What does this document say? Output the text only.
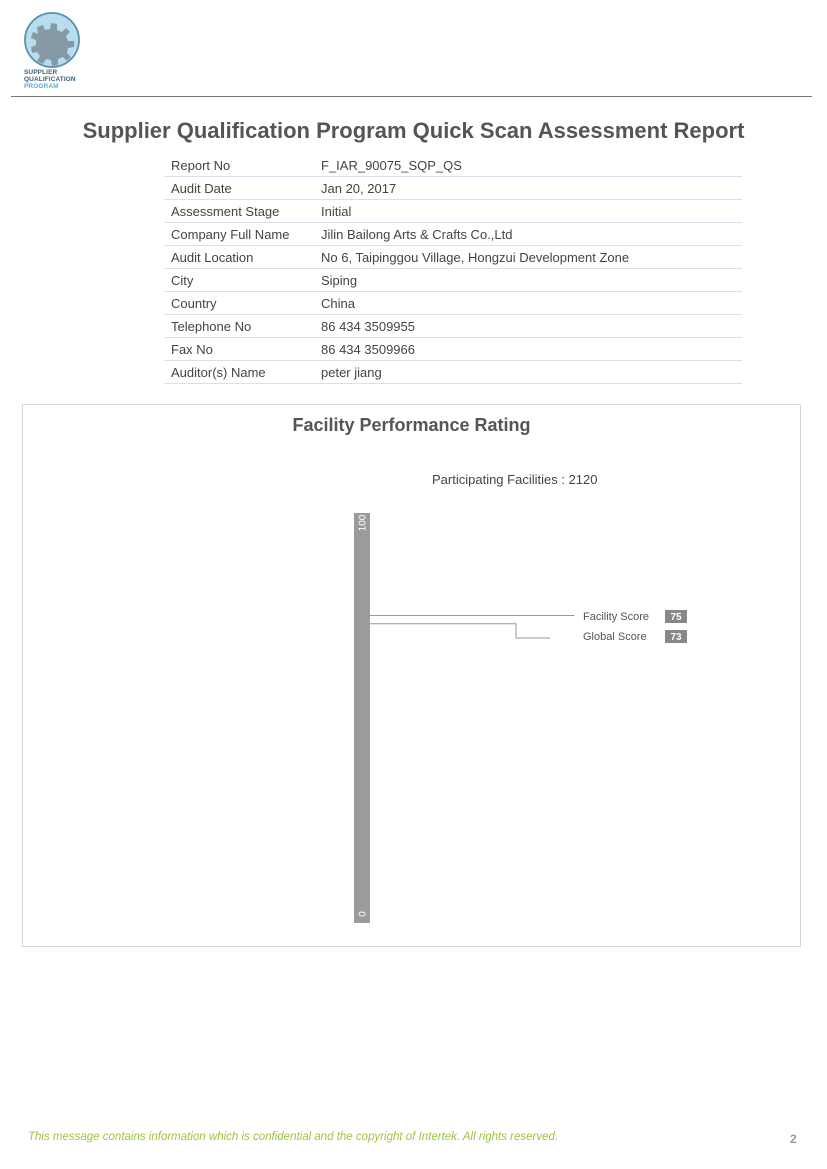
SUPPLIER
QUALIFICATION
PROGRAM
Supplier Qualification Program Quick Scan Assessment Report
Report No	F_IAR_90075_SQP_QS
Audit Date	Jan 20, 2017
Assessment Stage	Initial
Company Full Name	Jilin Bailong Arts & Crafts Co.,Ltd
Audit Location	No 6, Taipinggou Village, Hongzui Development Zone
City	Siping
Country	China
Telephone No	86 434 3509955
Fax No	86 434 3509966
Auditor(s) Name	peter jiang
Facility Performance Rating
Participating Facilities : 2120
100
0
Facility Score 75
Global Score 73
This message contains information which is confidential and the copyright of Intertek. All rights reserved.	2
